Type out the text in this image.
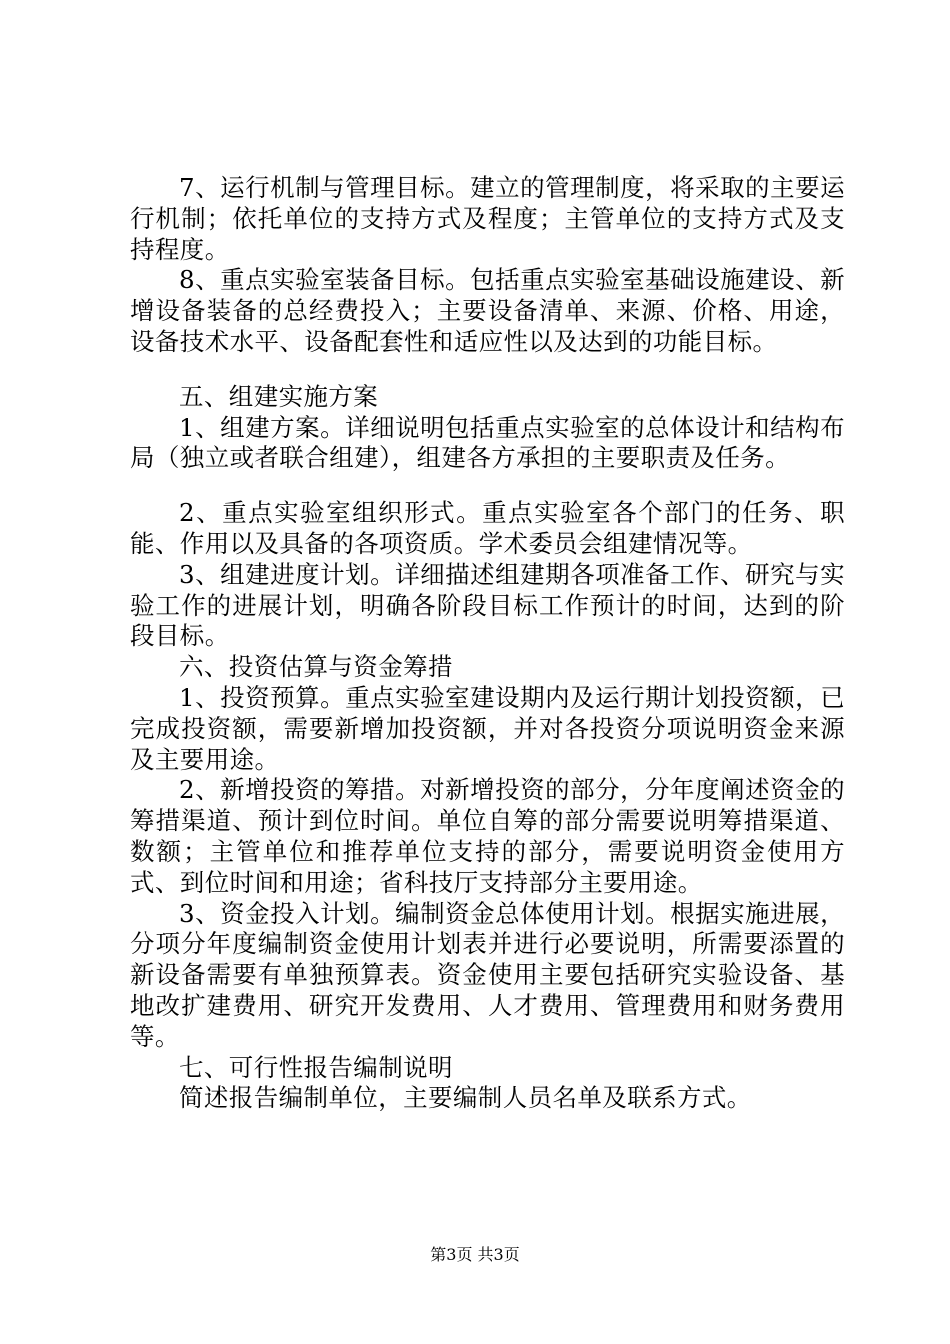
7、运行机制与管理目标。建立的管理制度，将采取的主要运行机制；依托单位的支持方式及程度；主管单位的支持方式及支持程度。

8、重点实验室装备目标。包括重点实验室基础设施建设、新增设备装备的总经费投入；主要设备清单、来源、价格、用途，设备技术水平、设备配套性和适应性以及达到的功能目标。

五、组建实施方案

1、组建方案。详细说明包括重点实验室的总体设计和结构布局（独立或者联合组建），组建各方承担的主要职责及任务。

2、重点实验室组织形式。重点实验室各个部门的任务、职能、作用以及具备的各项资质。学术委员会组建情况等。

3、组建进度计划。详细描述组建期各项准备工作、研究与实验工作的进展计划，明确各阶段目标工作预计的时间，达到的阶段目标。

六、投资估算与资金筹措

1、投资预算。重点实验室建设期内及运行期计划投资额，已完成投资额，需要新增加投资额，并对各投资分项说明资金来源及主要用途。

2、新增投资的筹措。对新增投资的部分，分年度阐述资金的筹措渠道、预计到位时间。单位自筹的部分需要说明筹措渠道、数额；主管单位和推荐单位支持的部分，需要说明资金使用方式、到位时间和用途；省科技厅支持部分主要用途。

3、资金投入计划。编制资金总体使用计划。根据实施进展，分项分年度编制资金使用计划表并进行必要说明，所需要添置的新设备需要有单独预算表。资金使用主要包括研究实验设备、基地改扩建费用、研究开发费用、人才费用、管理费用和财务费用等。

七、可行性报告编制说明

简述报告编制单位，主要编制人员名单及联系方式。

第3页 共3页
